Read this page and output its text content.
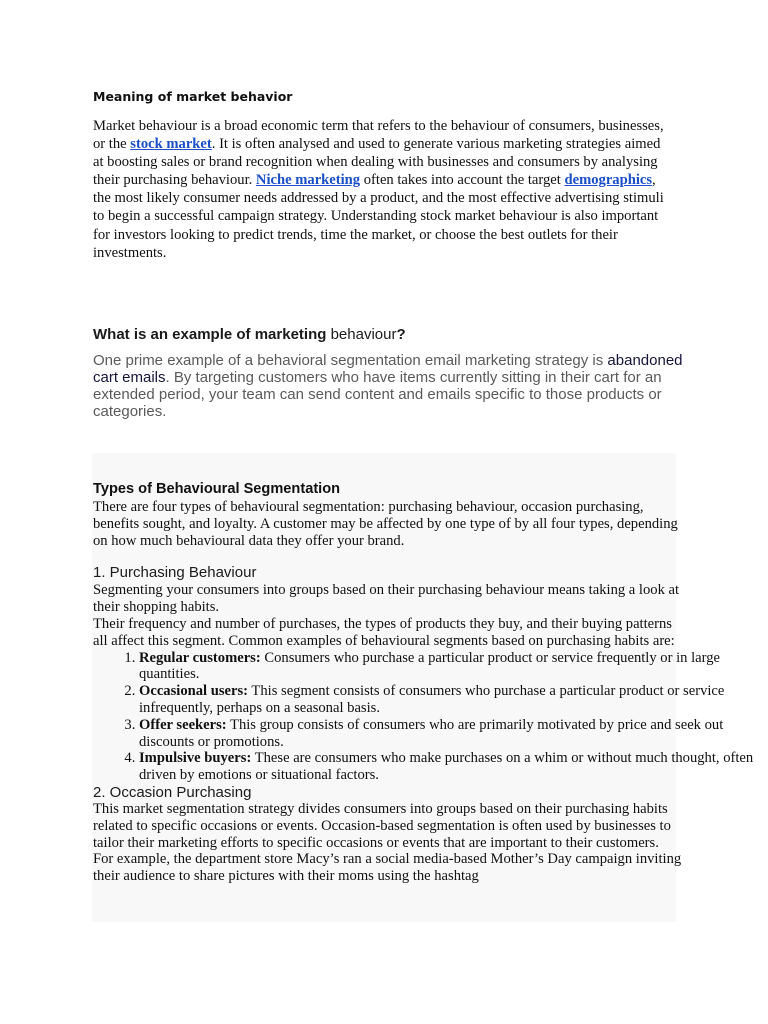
Meaning of market behavior

Market behaviour is a broad economic term that refers to the behaviour of consumers, businesses, or the stock market. It is often analysed and used to generate various marketing strategies aimed at boosting sales or brand recognition when dealing with businesses and consumers by analysing their purchasing behaviour. Niche marketing often takes into account the target demographics, the most likely consumer needs addressed by a product, and the most effective advertising stimuli to begin a successful campaign strategy. Understanding stock market behaviour is also important for investors looking to predict trends, time the market, or choose the best outlets for their investments.

What is an example of marketing behaviour?

One prime example of a behavioral segmentation email marketing strategy is abandoned cart emails. By targeting customers who have items currently sitting in their cart for an extended period, your team can send content and emails specific to those products or categories.

Types of Behavioural Segmentation

There are four types of behavioural segmentation: purchasing behaviour, occasion purchasing, benefits sought, and loyalty. A customer may be affected by one type of by all four types, depending on how much behavioural data they offer your brand.

1. Purchasing Behaviour

Segmenting your consumers into groups based on their purchasing behaviour means taking a look at their shopping habits.

Their frequency and number of purchases, the types of products they buy, and their buying patterns all affect this segment. Common examples of behavioural segments based on purchasing habits are:

1. Regular customers: Consumers who purchase a particular product or service frequently or in large quantities.
2. Occasional users: This segment consists of consumers who purchase a particular product or service infrequently, perhaps on a seasonal basis.
3. Offer seekers: This group consists of consumers who are primarily motivated by price and seek out discounts or promotions.
4. Impulsive buyers: These are consumers who make purchases on a whim or without much thought, often driven by emotions or situational factors.

2. Occasion Purchasing

This market segmentation strategy divides consumers into groups based on their purchasing habits related to specific occasions or events. Occasion-based segmentation is often used by businesses to tailor their marketing efforts to specific occasions or events that are important to their customers.

For example, the department store Macy’s ran a social media-based Mother’s Day campaign inviting their audience to share pictures with their moms using the hashtag
